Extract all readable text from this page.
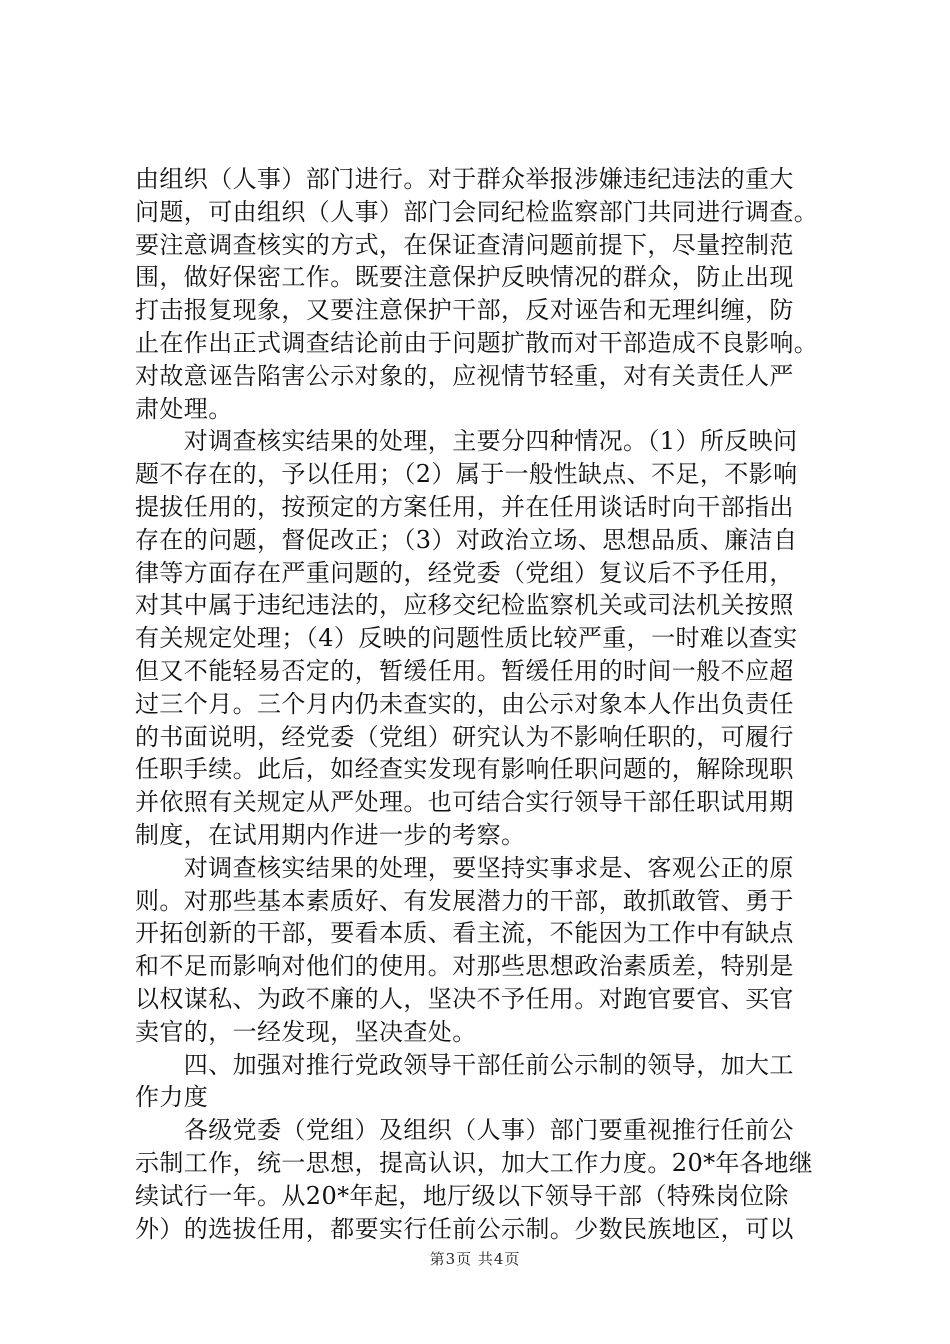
由组织（人事）部门进行。对于群众举报涉嫌违纪违法的重大
问题，可由组织（人事）部门会同纪检监察部门共同进行调查。
要注意调查核实的方式，在保证查清问题前提下，尽量控制范
围，做好保密工作。既要注意保护反映情况的群众，防止出现
打击报复现象，又要注意保护干部，反对诬告和无理纠缠，防
止在作出正式调查结论前由于问题扩散而对干部造成不良影响。
对故意诬告陷害公示对象的，应视情节轻重，对有关责任人严
肃处理。
　　对调查核实结果的处理，主要分四种情况。（1）所反映问
题不存在的，予以任用；（2）属于一般性缺点、不足，不影响
提拔任用的，按预定的方案任用，并在任用谈话时向干部指出
存在的问题，督促改正；（3）对政治立场、思想品质、廉洁自
律等方面存在严重问题的，经党委（党组）复议后不予任用，
对其中属于违纪违法的，应移交纪检监察机关或司法机关按照
有关规定处理；（4）反映的问题性质比较严重，一时难以查实
但又不能轻易否定的，暂缓任用。暂缓任用的时间一般不应超
过三个月。三个月内仍未查实的，由公示对象本人作出负责任
的书面说明，经党委（党组）研究认为不影响任职的，可履行
任职手续。此后，如经查实发现有影响任职问题的，解除现职
并依照有关规定从严处理。也可结合实行领导干部任职试用期
制度，在试用期内作进一步的考察。
　　对调查核实结果的处理，要坚持实事求是、客观公正的原
则。对那些基本素质好、有发展潜力的干部，敢抓敢管、勇于
开拓创新的干部，要看本质、看主流，不能因为工作中有缺点
和不足而影响对他们的使用。对那些思想政治素质差，特别是
以权谋私、为政不廉的人，坚决不予任用。对跑官要官、买官
卖官的，一经发现，坚决查处。
　　四、加强对推行党政领导干部任前公示制的领导，加大工
作力度
　　各级党委（党组）及组织（人事）部门要重视推行任前公
示制工作，统一思想，提高认识，加大工作力度。20*年各地继
续试行一年。从20*年起，地厅级以下领导干部（特殊岗位除
外）的选拔任用，都要实行任前公示制。少数民族地区，可以
第3页 共4页
